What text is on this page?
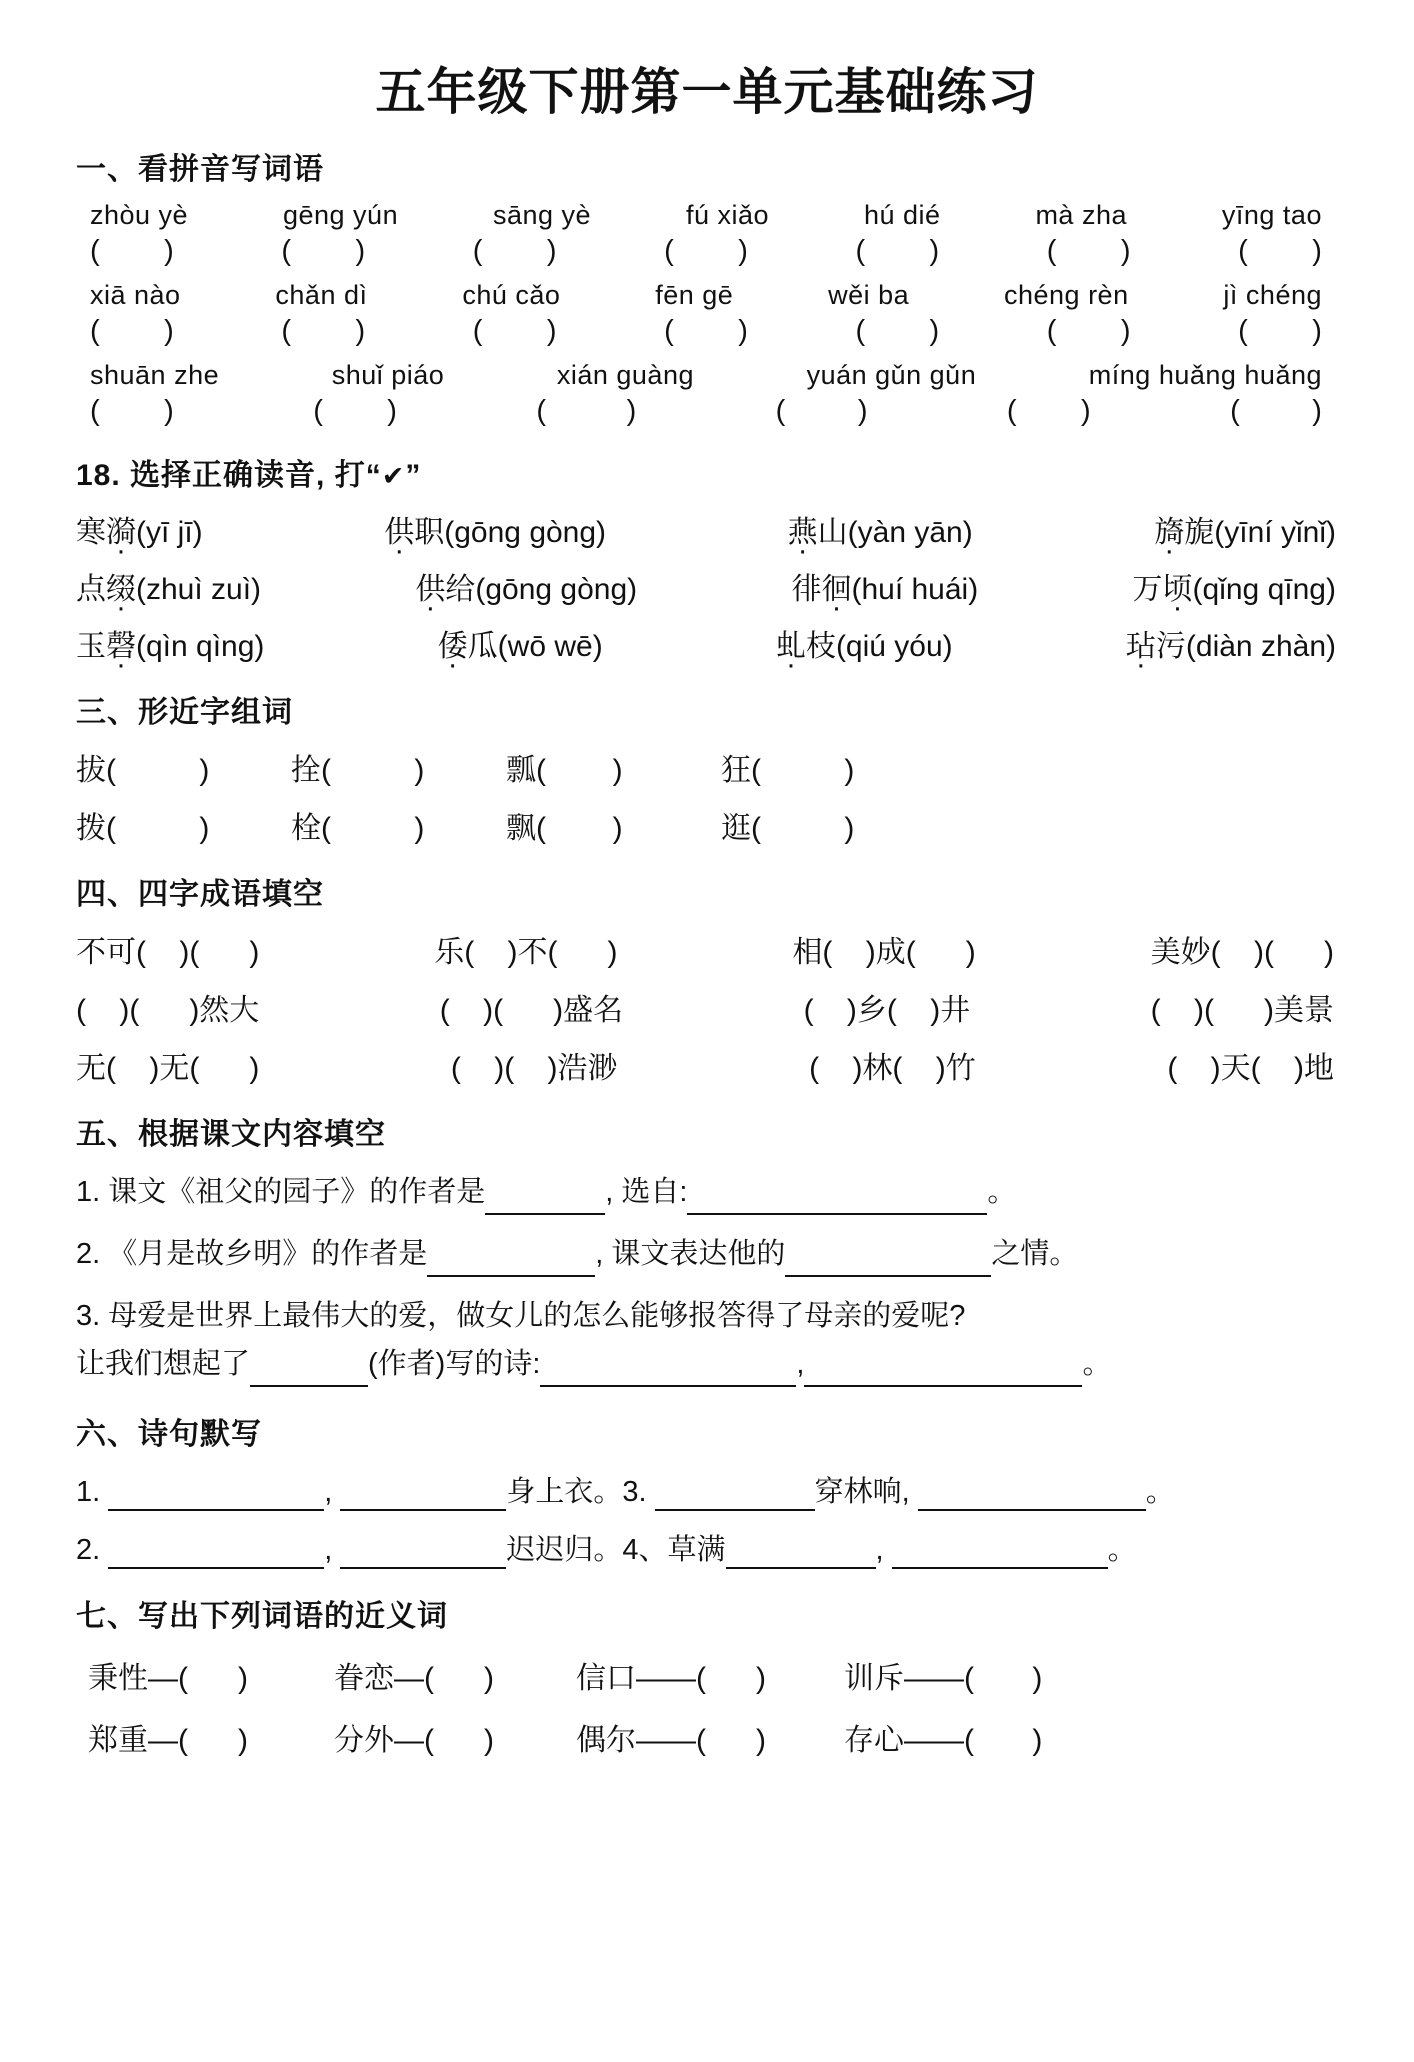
五年级下册第一单元基础练习
一、看拼音写词语
zhòu yè	gēng yún	sāng yè	fú xiǎo	hú dié	mà zha	yīng tao
(        )	(        )	(        )	(        )	(        )	(        )	(        )
xiā nào	chǎn dì	chú cǎo	fēn gē	wěi ba	chéng rèn	jì chéng
(        )	(        )	(        )	(        )	(        )	(        )	(        )
shuān zhe	shuǐ piáo	xián guàng	yuán gǔn gǔn	míng huǎng huǎng
(        )	(        )	(          )	(         )	(        )	(         )
18. 选择正确读音, 打“✔”
寒漪(yī jī)	供职(gōng gòng)	燕山(yàn yān)	旖旎(yīní yǐnǐ)
点缀(zhuì zuì)	供给(gōng gòng)	徘徊(huí huái)	万顷(qǐng qīng)
玉磬(qìn qìng)	倭瓜(wō wē)	虬枝(qiú yóu)	玷污(diàn zhàn)
三、形近字组词
拔(          )	拴(          )	瓢(        )	狂(          )
拨(          )	栓(          )	飘(        )	逛(          )
四、四字成语填空
不可(    )(      )	乐(    )不(      )	相(    )成(      )	美妙(    )(      )
(    )(      )然大	(    )(      )盛名	(    )乡(    )井	(    )(      )美景
无(    )无(      )	(    )(    )浩渺	(    )林(    )竹	(    )天(    )地
五、根据课文内容填空
1. 课文《祖父的园子》的作者是	, 选自:	。
2. 《月是故乡明》的作者是	, 课文表达他的	之情。
3. 母爱是世界上最伟大的爱，做女儿的怎么能够报答得了母亲的爱呢?
让我们想起了	(作者)写的诗:	,	。
六、诗句默写
1.	,	身上衣。3.	穿林响,	。
2.	,	迟迟归。4、草满	,	。
七、写出下列词语的近义词
秉性—(      )	眷恋—(      )	信口——(      )	训斥——(       )
郑重—(      )	分外—(      )	偶尔——(      )	存心——(       )
